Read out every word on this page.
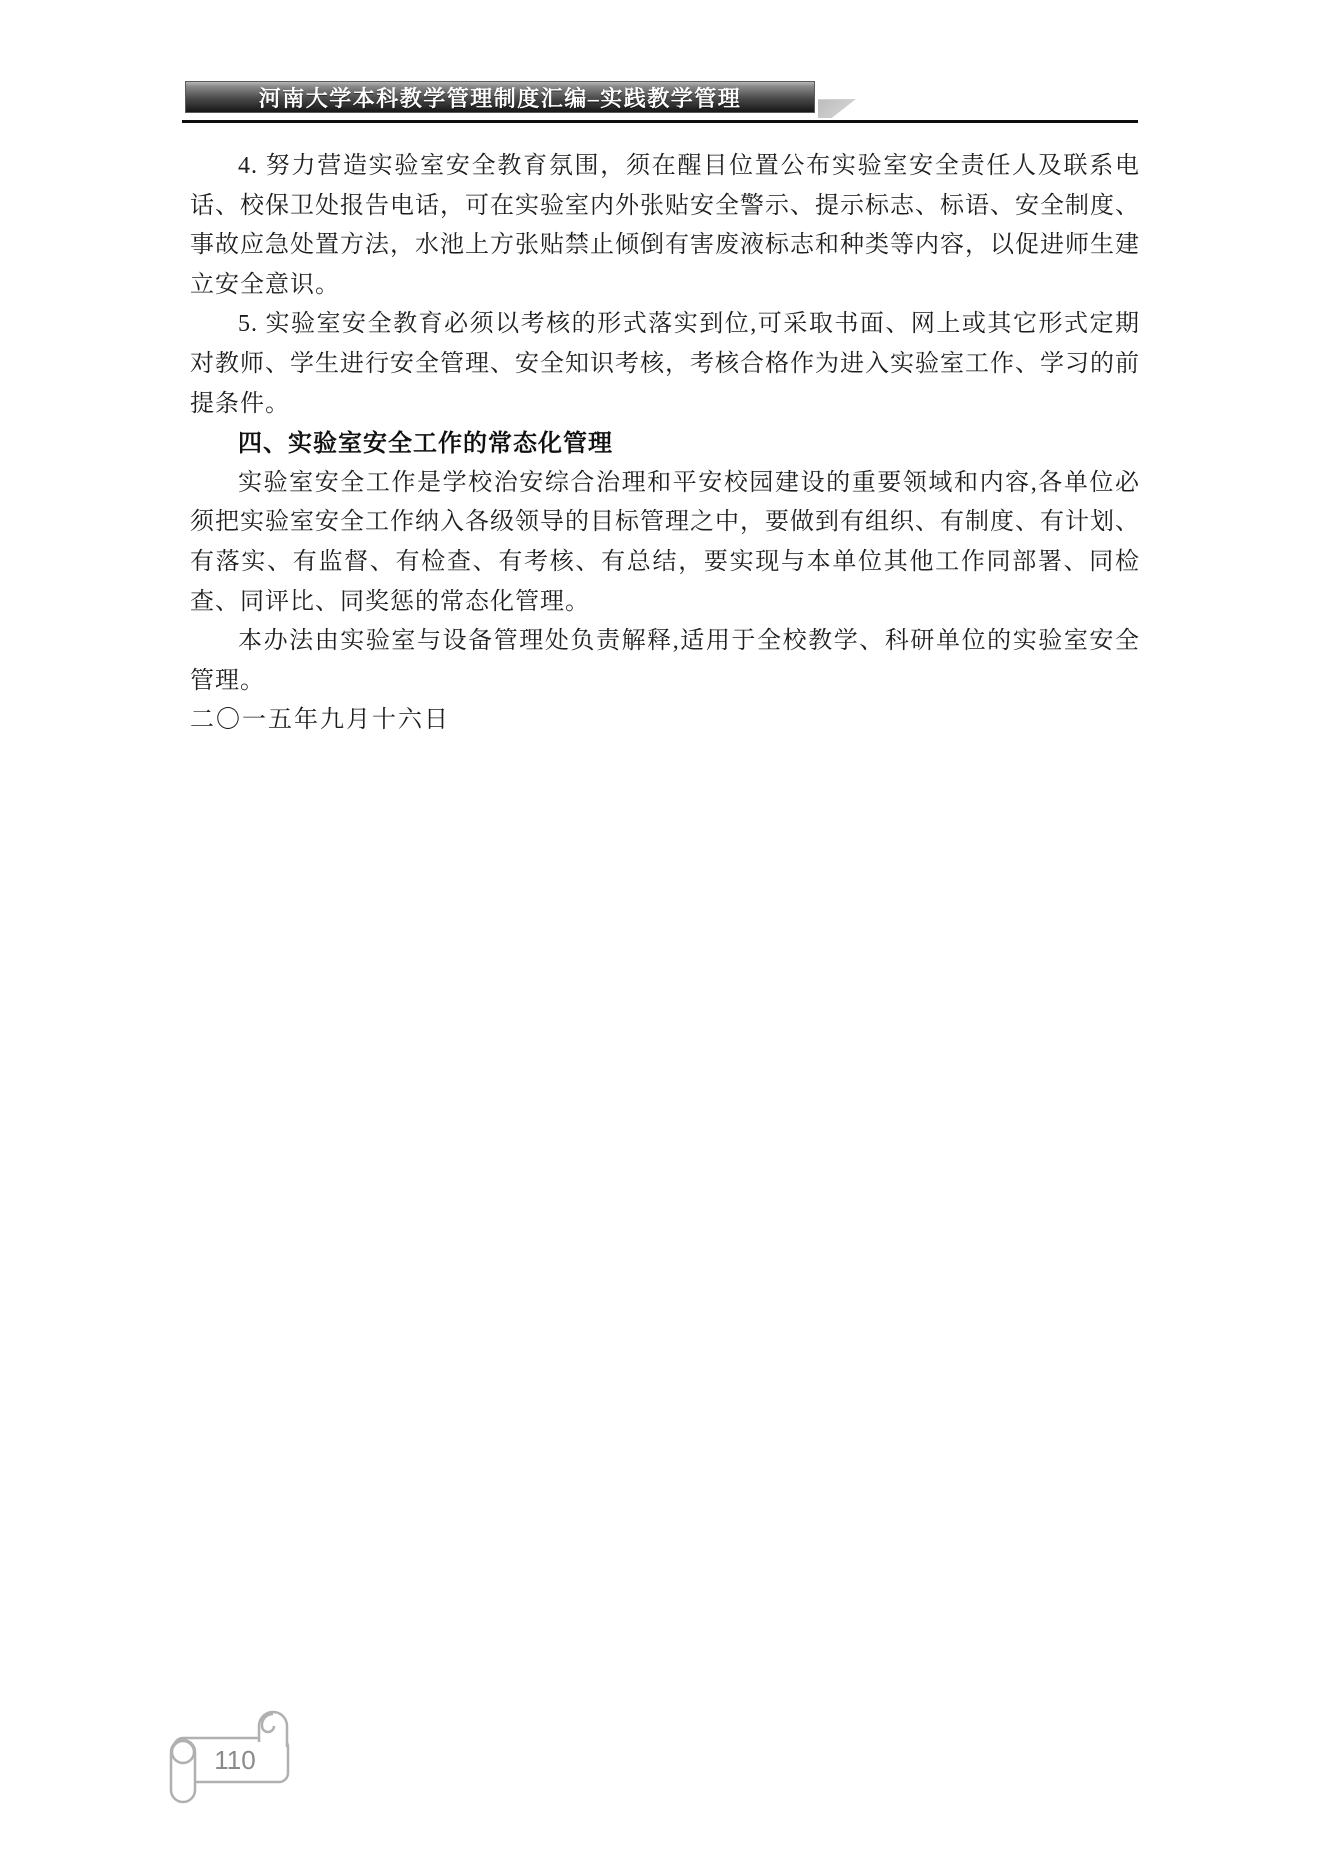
河南大学本科教学管理制度汇编–实践教学管理

4. 努力营造实验室安全教育氛围，须在醒目位置公布实验室安全责任人及联系电话、校保卫处报告电话，可在实验室内外张贴安全警示、提示标志、标语、安全制度、事故应急处置方法，水池上方张贴禁止倾倒有害废液标志和种类等内容，以促进师生建立安全意识。

5. 实验室安全教育必须以考核的形式落实到位,可采取书面、网上或其它形式定期对教师、学生进行安全管理、安全知识考核，考核合格作为进入实验室工作、学习的前提条件。

四、实验室安全工作的常态化管理

实验室安全工作是学校治安综合治理和平安校园建设的重要领域和内容,各单位必须把实验室安全工作纳入各级领导的目标管理之中，要做到有组织、有制度、有计划、有落实、有监督、有检查、有考核、有总结，要实现与本单位其他工作同部署、同检查、同评比、同奖惩的常态化管理。

本办法由实验室与设备管理处负责解释,适用于全校教学、科研单位的实验室安全管理。

二〇一五年九月十六日

110
